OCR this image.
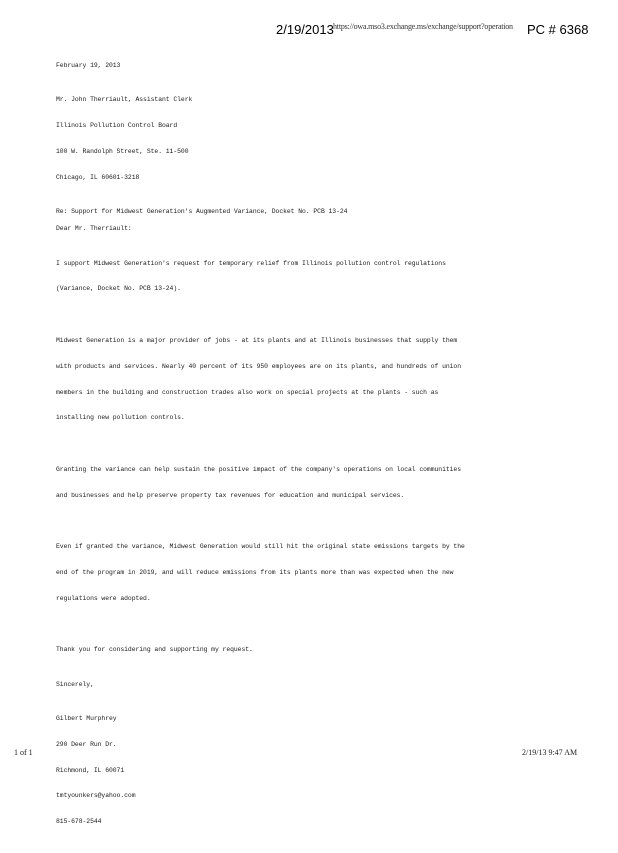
2/19/2013 https://owa.mso3.exchange.ms/exchange/support?operation PC # 6368

February 19, 2013

Mr. John Therriault, Assistant Clerk

Illinois Pollution Control Board

100 W. Randolph Street, Ste. 11-500

Chicago, IL 60601-3218

Re: Support for Midwest Generation's Augmented Variance, Docket No. PCB 13-24

Dear Mr. Therriault:

I support Midwest Generation's request for temporary relief from Illinois pollution control regulations

(Variance, Docket No. PCB 13-24).

Midwest Generation is a major provider of jobs - at its plants and at Illinois businesses that supply them

with products and services. Nearly 40 percent of its 950 employees are on its plants, and hundreds of union

members in the building and construction trades also work on special projects at the plants - such as

installing new pollution controls.

Granting the variance can help sustain the positive impact of the company's operations on local communities

and businesses and help preserve property tax revenues for education and municipal services.

Even if granted the variance, Midwest Generation would still hit the original state emissions targets by the

end of the program in 2019, and will reduce emissions from its plants more than was expected when the new

regulations were adopted.

Thank you for considering and supporting my request.

Sincerely,

Gilbert Murphrey

290 Deer Run Dr.

Richmond, IL 60071

tmtyounkers@yahoo.com

815-678-2544

1 of 1	2/19/13 9:47 AM
